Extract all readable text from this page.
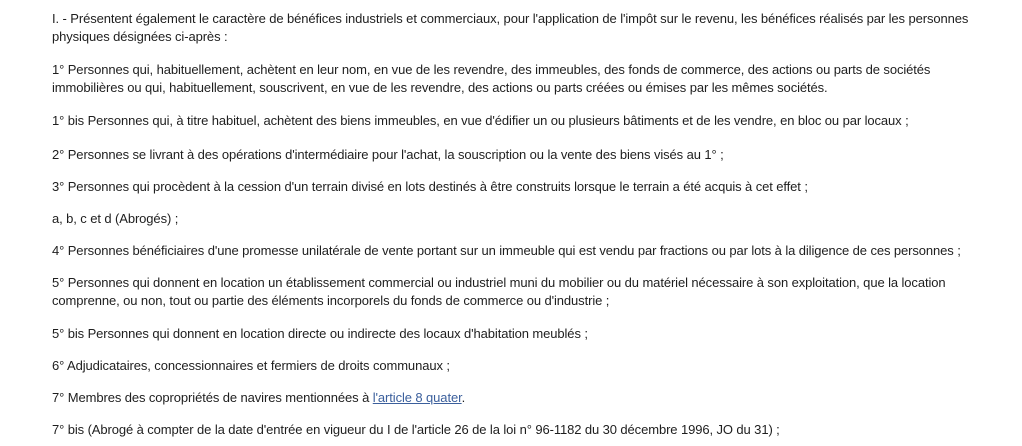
I. - Présentent également le caractère de bénéfices industriels et commerciaux, pour l'application de l'impôt sur le revenu, les bénéfices réalisés par les personnes physiques désignées ci-après :

1° Personnes qui, habituellement, achètent en leur nom, en vue de les revendre, des immeubles, des fonds de commerce, des actions ou parts de sociétés immobilières ou qui, habituellement, souscrivent, en vue de les revendre, des actions ou parts créées ou émises par les mêmes sociétés.

1° bis Personnes qui, à titre habituel, achètent des biens immeubles, en vue d'édifier un ou plusieurs bâtiments et de les vendre, en bloc ou par locaux ;

2° Personnes se livrant à des opérations d'intermédiaire pour l'achat, la souscription ou la vente des biens visés au 1° ;

3° Personnes qui procèdent à la cession d'un terrain divisé en lots destinés à être construits lorsque le terrain a été acquis à cet effet ;

a, b, c et d (Abrogés) ;

4° Personnes bénéficiaires d'une promesse unilatérale de vente portant sur un immeuble qui est vendu par fractions ou par lots à la diligence de ces personnes ;

5° Personnes qui donnent en location un établissement commercial ou industriel muni du mobilier ou du matériel nécessaire à son exploitation, que la location comprenne, ou non, tout ou partie des éléments incorporels du fonds de commerce ou d'industrie ;

5° bis Personnes qui donnent en location directe ou indirecte des locaux d'habitation meublés ;

6° Adjudicataires, concessionnaires et fermiers de droits communaux ;

7° Membres des copropriétés de navires mentionnées à l'article 8 quater.

7° bis (Abrogé à compter de la date d'entrée en vigueur du I de l'article 26 de la loi n° 96-1182 du 30 décembre 1996, JO du 31) ;
